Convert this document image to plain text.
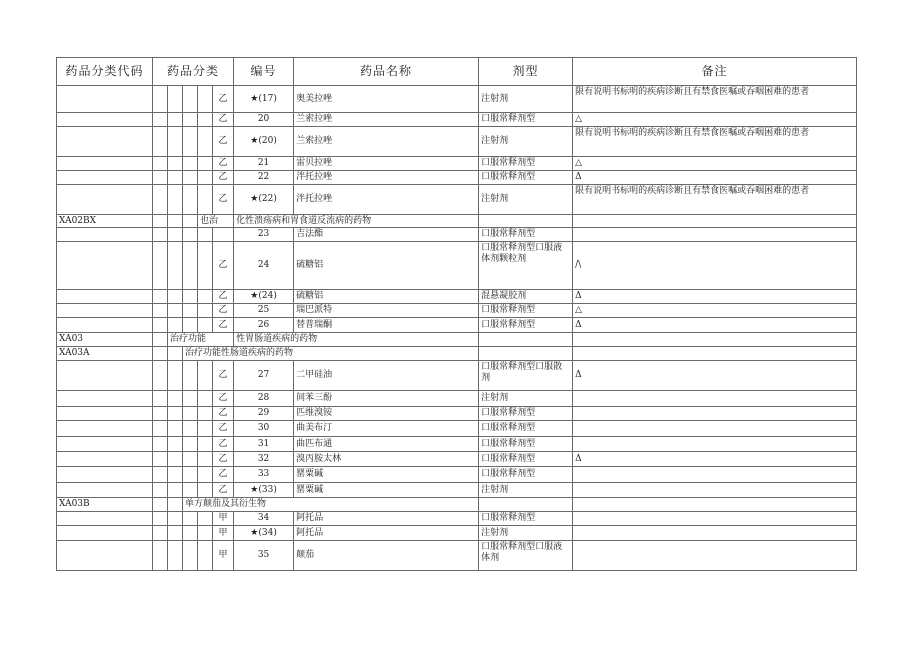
药品分类代码	药品分类					编号	药品名称	剂型	备注
					乙	★(17)	奥美拉唑	注射剂	限有说明书标明的疾病诊断且有禁食医嘱或吞咽困难的患者
					乙	20	兰索拉唑	口服常释剂型	△
					乙	★(20)	兰索拉唑	注射剂	限有说明书标明的疾病诊断且有禁食医嘱或吞咽困难的患者
					乙	21	雷贝拉唑	口服常释剂型	△
					乙	22	泮托拉唑	口服常释剂型	Δ
					乙	★(22)	泮托拉唑	注射剂	限有说明书标明的疾病诊断且有禁食医嘱或吞咽困难的患者
XA02BX				也治		化性溃疡病和胃食道反流病的药物			
						23	吉法酯	口服常释剂型	
					乙	24	硫糖铝	口服常释剂型口服液体剂颗粒剂	/\
					乙	★(24)	硫糖铝	混悬凝胶剂	Δ
					乙	25	瑞巴派特	口服常释剂型	△
					乙	26	替普瑞酮	口服常释剂型	Δ
XA03		治疗功能				性胃肠道疾病的药物			
XA03A			治疗功能性肠道疾病的药物						
					乙	27	二甲硅油	口服常释剂型口服散剂	Δ
					乙	28	间苯三酚	注射剂	
					乙	29	匹维溴铵	口服常释剂型	
					乙	30	曲美布汀	口服常释剂型	
					乙	31	曲匹布通	口服常释剂型	
					乙	32	溴丙胺太林	口服常释剂型	Δ
					乙	33	罂粟碱	口服常释剂型	
					乙	★(33)	罂粟碱	注射剂	
XA03B			单方颠茄及其衍生物						
					甲	34	阿托品	口服常释剂型	
					甲	★(34)	阿托品	注射剂	
					甲	35	颠茄	口服常释剂型口服液体剂	
